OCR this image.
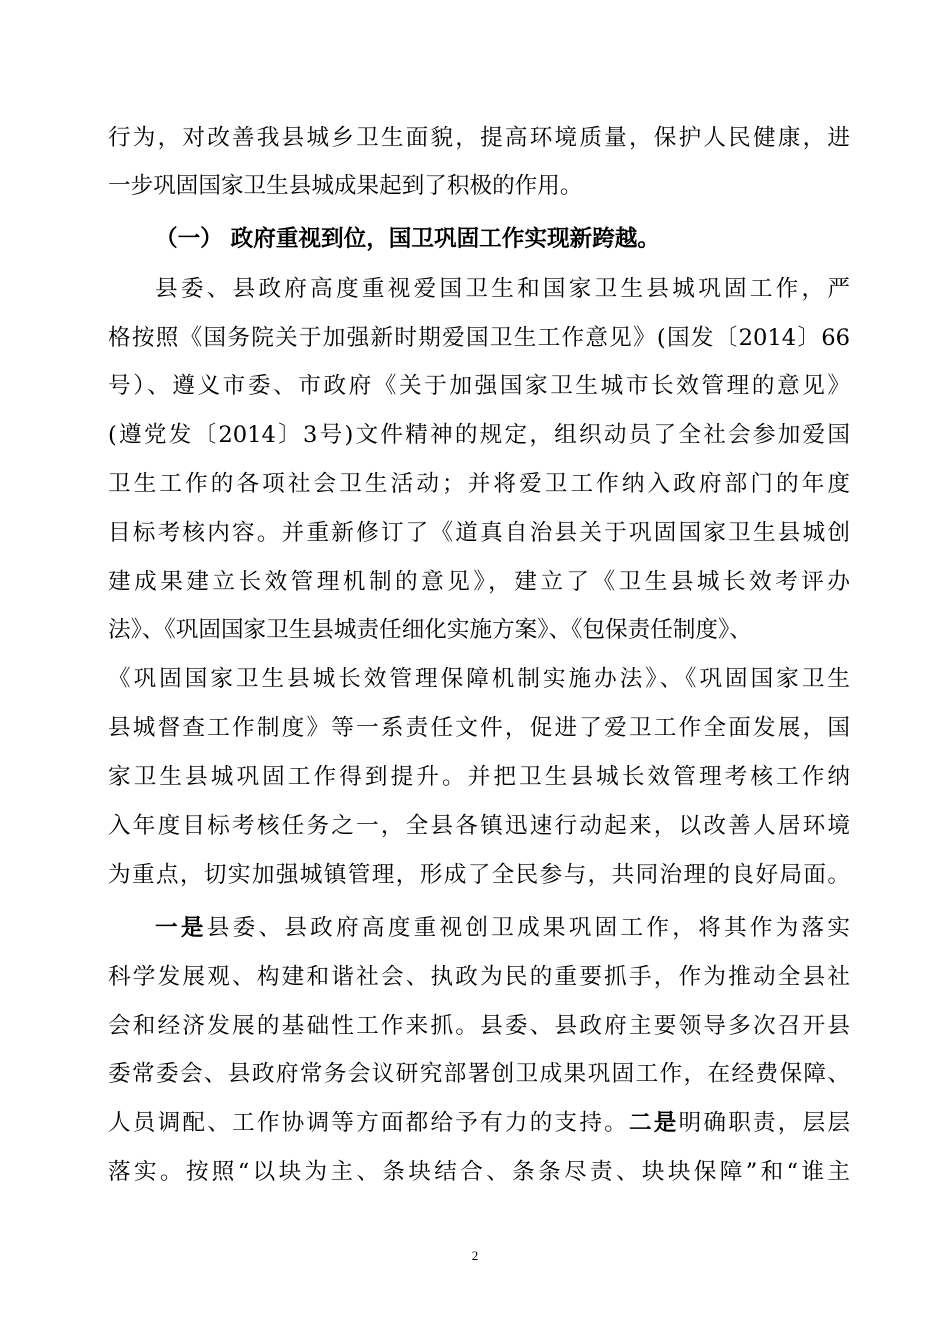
行为，对改善我县城乡卫生面貌，提高环境质量，保护人民健康，进
一步巩固国家卫生县城成果起到了积极的作用。
（一） 政府重视到位，国卫巩固工作实现新跨越。
县委、县政府高度重视爱国卫生和国家卫生县城巩固工作，严
格按照《国务院关于加强新时期爱国卫生工作意见》(国发〔2014〕66
号）、遵义市委、市政府《关于加强国家卫生城市长效管理的意见》
(遵党发〔2014〕3号)文件精神的规定，组织动员了全社会参加爱国
卫生工作的各项社会卫生活动；并将爱卫工作纳入政府部门的年度
目标考核内容。并重新修订了《道真自治县关于巩固国家卫生县城创
建成果建立长效管理机制的意见》，建立了《卫生县城长效考评办
法》、《巩固国家卫生县城责任细化实施方案》、《包保责任制度》、
《巩固国家卫生县城长效管理保障机制实施办法》、《巩固国家卫生
县城督查工作制度》等一系责任文件，促进了爱卫工作全面发展，国
家卫生县城巩固工作得到提升。并把卫生县城长效管理考核工作纳
入年度目标考核任务之一，全县各镇迅速行动起来，以改善人居环境
为重点，切实加强城镇管理，形成了全民参与，共同治理的良好局面。
一是县委、县政府高度重视创卫成果巩固工作，将其作为落实
科学发展观、构建和谐社会、执政为民的重要抓手，作为推动全县社
会和经济发展的基础性工作来抓。县委、县政府主要领导多次召开县
委常委会、县政府常务会议研究部署创卫成果巩固工作，在经费保障、
人员调配、工作协调等方面都给予有力的支持。二是明确职责，层层
落实。按照“以块为主、条块结合、条条尽责、块块保障”和“谁主
2
